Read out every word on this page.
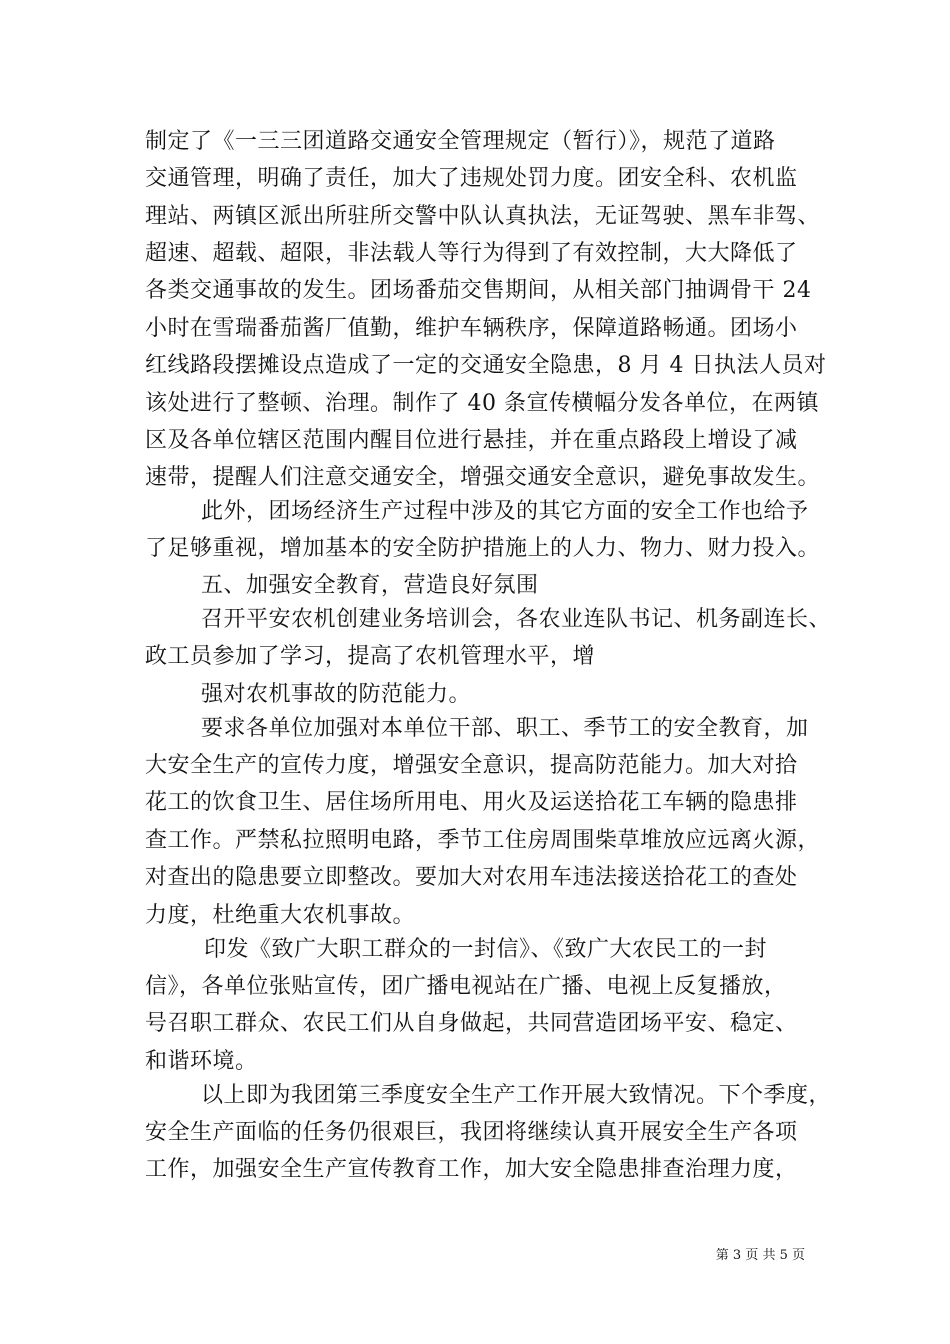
制定了《一三三团道路交通安全管理规定（暂行）》，规范了道路
交通管理，明确了责任，加大了违规处罚力度。团安全科、农机监
理站、两镇区派出所驻所交警中队认真执法，无证驾驶、黑车非驾、
超速、超载、超限，非法载人等行为得到了有效控制，大大降低了
各类交通事故的发生。团场番茄交售期间，从相关部门抽调骨干 24
小时在雪瑞番茄酱厂值勤，维护车辆秩序，保障道路畅通。团场小
红线路段摆摊设点造成了一定的交通安全隐患，8 月 4 日执法人员对
该处进行了整顿、治理。制作了 40 条宣传横幅分发各单位，在两镇
区及各单位辖区范围内醒目位进行悬挂，并在重点路段上增设了减
速带，提醒人们注意交通安全，增强交通安全意识，避免事故发生。
此外，团场经济生产过程中涉及的其它方面的安全工作也给予
了足够重视，增加基本的安全防护措施上的人力、物力、财力投入。
五、加强安全教育，营造良好氛围
召开平安农机创建业务培训会，各农业连队书记、机务副连长、
政工员参加了学习，提高了农机管理水平，增
强对农机事故的防范能力。
要求各单位加强对本单位干部、职工、季节工的安全教育，加
大安全生产的宣传力度，增强安全意识，提高防范能力。加大对拾
花工的饮食卫生、居住场所用电、用火及运送拾花工车辆的隐患排
查工作。严禁私拉照明电路，季节工住房周围柴草堆放应远离火源，
对查出的隐患要立即整改。要加大对农用车违法接送拾花工的查处
力度，杜绝重大农机事故。
印发《致广大职工群众的一封信》、《致广大农民工的一封
信》，各单位张贴宣传，团广播电视站在广播、电视上反复播放，
号召职工群众、农民工们从自身做起，共同营造团场平安、稳定、
和谐环境。
以上即为我团第三季度安全生产工作开展大致情况。下个季度，
安全生产面临的任务仍很艰巨，我团将继续认真开展安全生产各项
工作，加强安全生产宣传教育工作，加大安全隐患排查治理力度，
第 3 页 共 5 页
